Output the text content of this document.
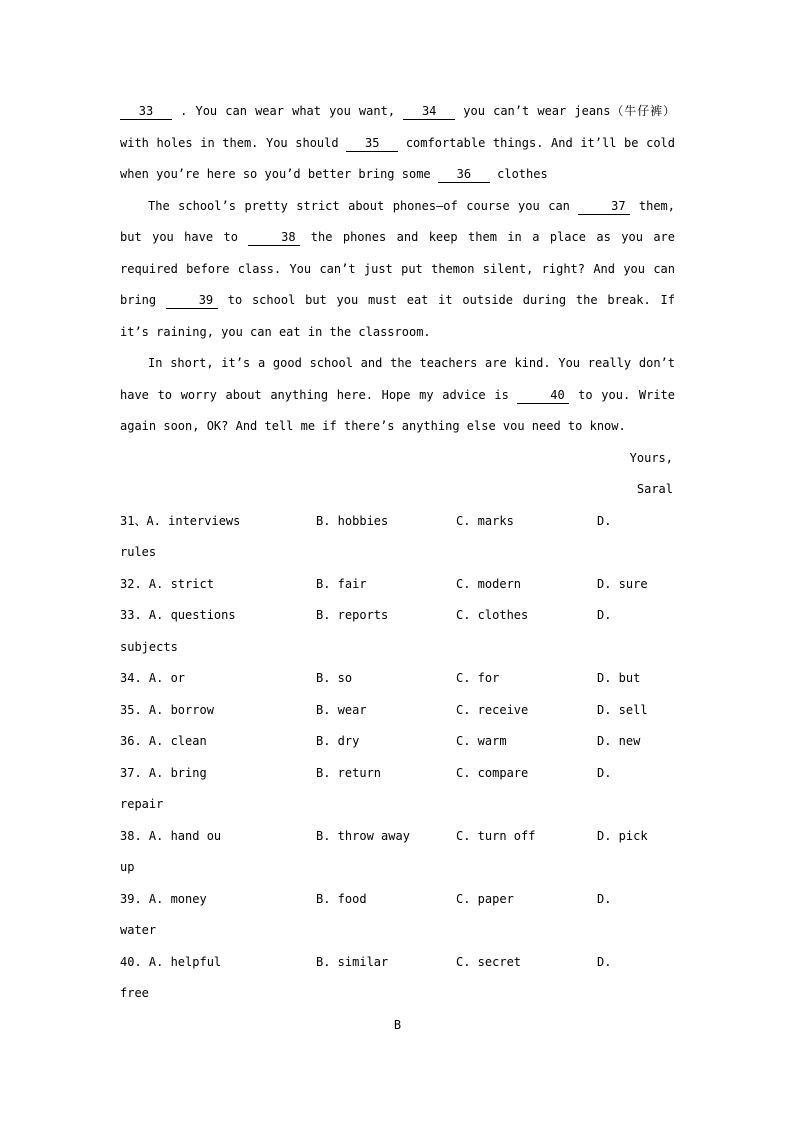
33 . You can wear what you want, 34 you can’t wear jeans（牛仔裤）with holes in them. You should 35 comfortable things. And it’ll be cold when you’re here so you’d better bring some 36 clothes
The school’s pretty strict about phones—of course you can	37 them, but you have to	38 the phones and keep them in a place as you are required before class. You can’t just put themon silent, right? And you can bring	39 to school but you must eat it outside during the break. If it’s raining, you can eat in the classroom.
In short, it’s a good school and the teachers are kind. You really don’t have to worry about anything here. Hope my advice is	40 to you. Write again soon, OK? And tell me if there’s anything else vou need to know.
Yours,
Saral
31、A. interviews	B. hobbies	C. marks	D.
rules
32. A. strict	B. fair	C. modern	D. sure
33. A. questions	B. reports	C. clothes	D.
subjects
34. A. or	B. so	C. for	D. but
35. A. borrow	B. wear	C. receive	D. sell
36. A. clean	B. dry	C. warm	D. new
37. A. bring	B. return	C. compare	D.
repair
38. A. hand ou	B. throw away	C. turn off	D. pick
up
39. A. money	B. food	C. paper	D.
water
40. A. helpful	B. similar	C. secret	D.
free
B
